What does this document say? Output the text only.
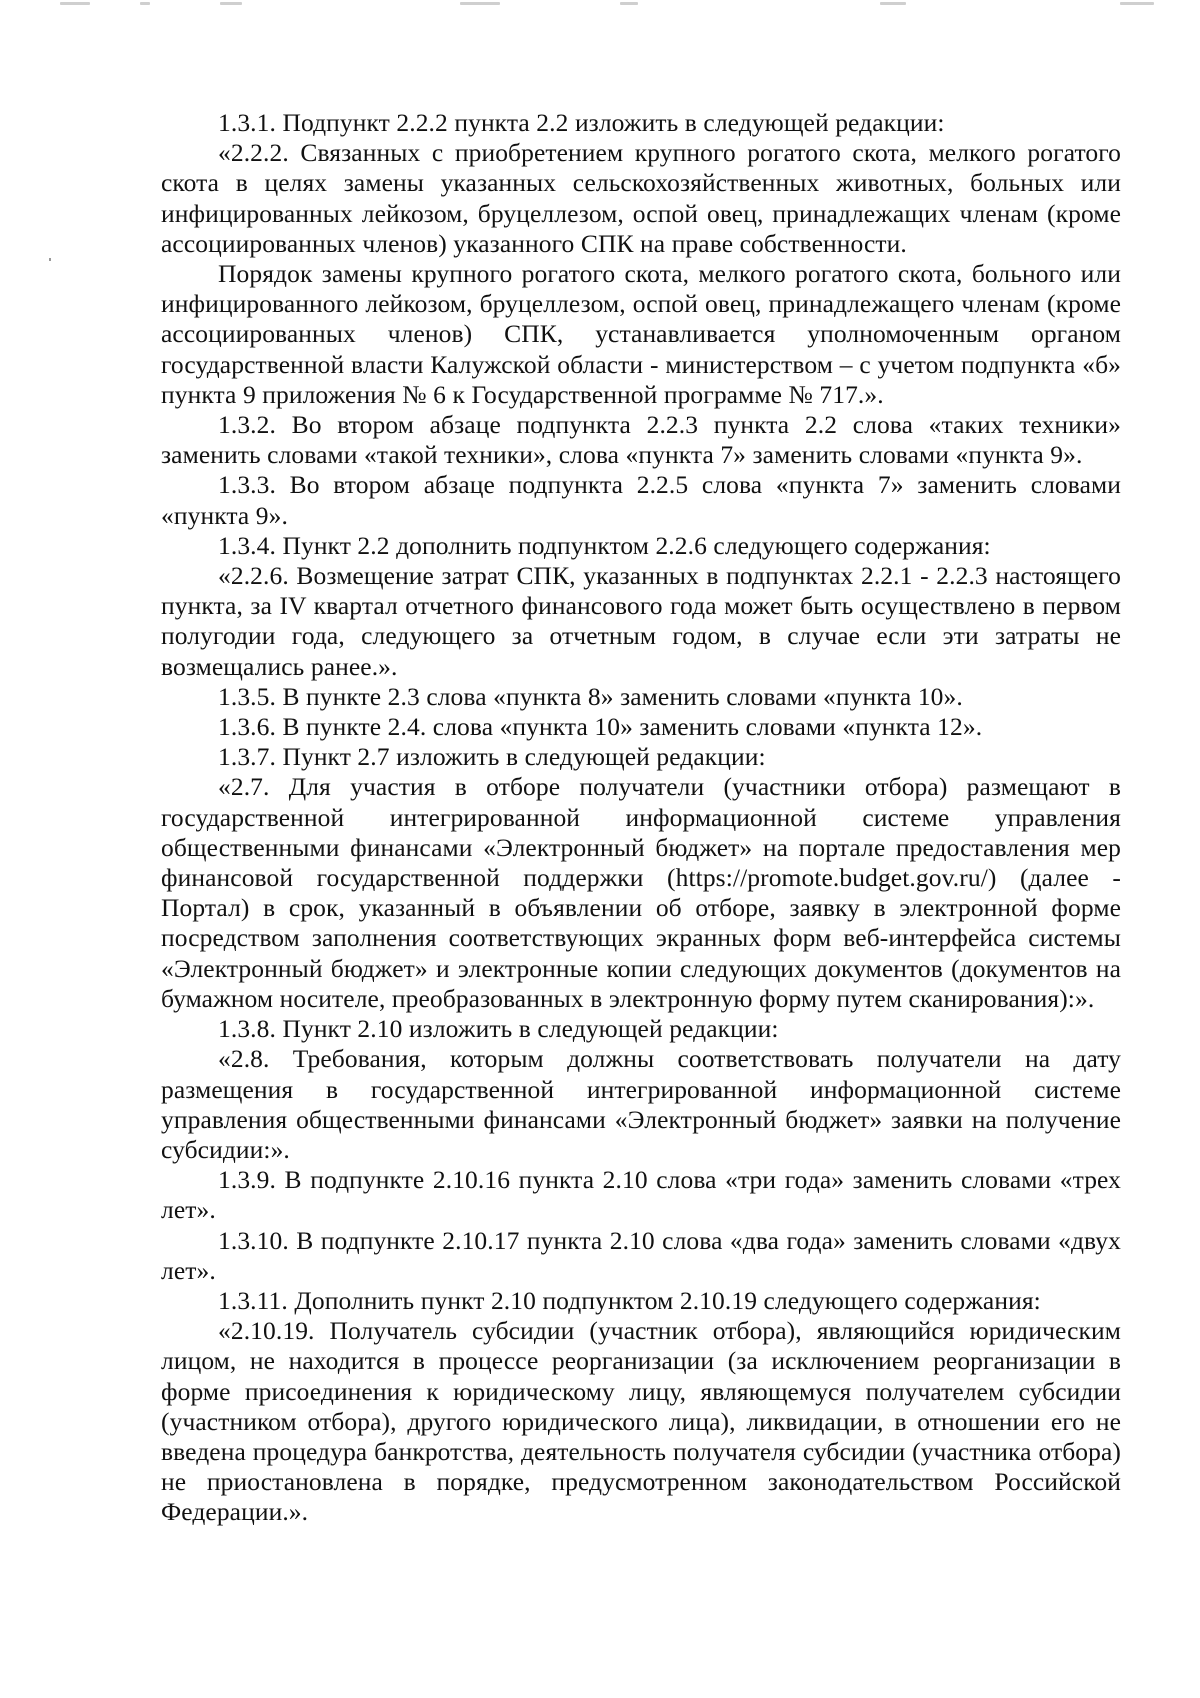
1.3.1. Подпункт 2.2.2 пункта 2.2 изложить в следующей редакции:

«2.2.2. Связанных с приобретением крупного рогатого скота, мелкого рогатого скота в целях замены указанных сельскохозяйственных животных, больных или инфицированных лейкозом, бруцеллезом, оспой овец, принадлежащих членам (кроме ассоциированных членов) указанного СПК на праве собственности.

Порядок замены крупного рогатого скота, мелкого рогатого скота, больного или инфицированного лейкозом, бруцеллезом, оспой овец, принадлежащего членам (кроме ассоциированных членов) СПК, устанавливается уполномоченным органом государственной власти Калужской области - министерством – с учетом подпункта «б» пункта 9 приложения № 6 к Государственной программе № 717.».

1.3.2. Во втором абзаце подпункта 2.2.3 пункта 2.2 слова «таких техники» заменить словами «такой техники», слова «пункта 7» заменить словами «пункта 9».

1.3.3. Во втором абзаце подпункта 2.2.5 слова «пункта 7» заменить словами «пункта 9».

1.3.4. Пункт 2.2 дополнить подпунктом 2.2.6 следующего содержания:

«2.2.6. Возмещение затрат СПК, указанных в подпунктах 2.2.1 - 2.2.3 настоящего пункта, за IV квартал отчетного финансового года может быть осуществлено в первом полугодии года, следующего за отчетным годом, в случае если эти затраты не возмещались ранее.».

1.3.5. В пункте 2.3 слова «пункта 8» заменить словами «пункта 10».

1.3.6. В пункте 2.4. слова «пункта 10» заменить словами «пункта 12».

1.3.7. Пункт 2.7 изложить в следующей редакции:

«2.7. Для участия в отборе получатели (участники отбора) размещают в государственной интегрированной информационной системе управления общественными финансами «Электронный бюджет» на портале предоставления мер финансовой государственной поддержки (https://promote.budget.gov.ru/) (далее - Портал) в срок, указанный в объявлении об отборе, заявку в электронной форме посредством заполнения соответствующих экранных форм веб-интерфейса системы «Электронный бюджет» и электронные копии следующих документов (документов на бумажном носителе, преобразованных в электронную форму путем сканирования):».

1.3.8. Пункт 2.10 изложить в следующей редакции:

«2.8. Требования, которым должны соответствовать получатели на дату размещения в государственной интегрированной информационной системе управления общественными финансами «Электронный бюджет» заявки на получение субсидии:».

1.3.9. В подпункте 2.10.16 пункта 2.10 слова «три года» заменить словами «трех лет».

1.3.10. В подпункте 2.10.17 пункта 2.10 слова «два года» заменить словами «двух лет».

1.3.11. Дополнить пункт 2.10 подпунктом 2.10.19 следующего содержания:

«2.10.19. Получатель субсидии (участник отбора), являющийся юридическим лицом, не находится в процессе реорганизации (за исключением реорганизации в форме присоединения к юридическому лицу, являющемуся получателем субсидии (участником отбора), другого юридического лица), ликвидации, в отношении его не введена процедура банкротства, деятельность получателя субсидии (участника отбора) не приостановлена в порядке, предусмотренном законодательством Российской Федерации.».
